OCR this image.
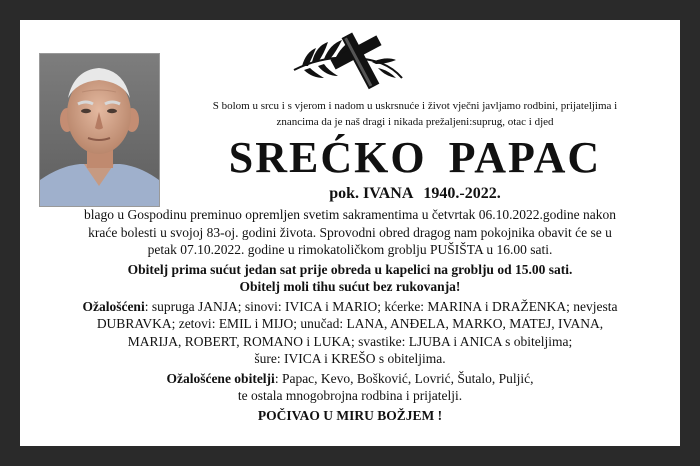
S bolom u srcu i s vjerom i nadom u uskrsnuće i život vječni javljamo rodbini, prijateljima i
znancima da je naš dragi i nikada prežaljeni:suprug, otac i djed
SREĆKO PAPAC
pok. IVANA 1940.-2022.

blago u Gospodinu preminuo opremljen svetim sakramentima u četvrtak 06.10.2022.godine nakon

kraće bolesti u svojoj 83-oj. godini života. Sprovodni obred dragog nam pokojnika obavit će se u

petak 07.10.2022. godine u rimokatoličkom groblju PUŠIŠTA u 16.00 sati.

Obitelj prima sućut jedan sat prije obreda u kapelici na groblju od 15.00 sati.

Obitelj moli tihu sućut bez rukovanja!

Ožalošćeni: supruga JANJA; sinovi: IVICA i MARIO; kćerke: MARINA i DRAŽENKA; nevjesta

DUBRAVKA; zetovi: EMIL i MIJO; unučad: LANA, ANĐELA, MARKO, MATEJ, IVANA,

MARIJA, ROBERT, ROMANO i LUKA; svastike: LJUBA i ANICA s obiteljima;

šure: IVICA i KREŠO s obiteljima.

Ožalošćene obitelji: Papac, Kevo, Bošković, Lovrić, Šutalo, Puljić,

te ostala mnogobrojna rodbina i prijatelji.

POČIVAO U MIRU BOŽJEM !
